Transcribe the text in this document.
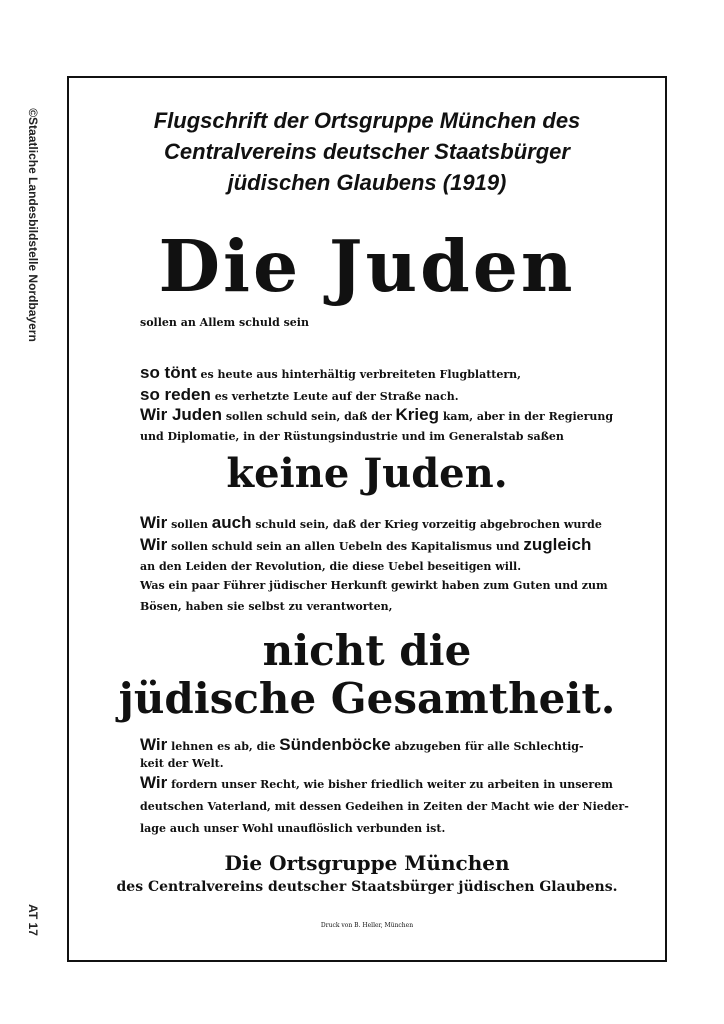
©Staatliche Landesbildstelle Nordbayern
AT 17
Flugschrift der Ortsgruppe München des
Centralvereins deutscher Staatsbürger
jüdischen Glaubens (1919)
Die Juden
sollen an Allem schuld sein
so tönt es heute aus hinterhältig verbreiteten Flugblattern,
so reden es verhetzte Leute auf der Straße nach.
Wir Juden sollen schuld sein, daß der Krieg kam, aber in der Regierung
und Diplomatie, in der Rüstungsindustrie und im Generalstab saßen
keine Juden.
Wir sollen auch schuld sein, daß der Krieg vorzeitig abgebrochen wurde
Wir sollen schuld sein an allen Uebeln des Kapitalismus und zugleich
an den Leiden der Revolution, die diese Uebel beseitigen will.
Was ein paar Führer jüdischer Herkunft gewirkt haben zum Guten und zum
Bösen, haben sie selbst zu verantworten,
nicht die
jüdische Gesamtheit.
Wir lehnen es ab, die Sündenböcke abzugeben für alle Schlechtig-
keit der Welt.
Wir fordern unser Recht, wie bisher friedlich weiter zu arbeiten in unserem
deutschen Vaterland, mit dessen Gedeihen in Zeiten der Macht wie der Nieder-
lage auch unser Wohl unauflöslich verbunden ist.
Die Ortsgruppe München
des Centralvereins deutscher Staatsbürger jüdischen Glaubens.
Druck von B. Heller, München
